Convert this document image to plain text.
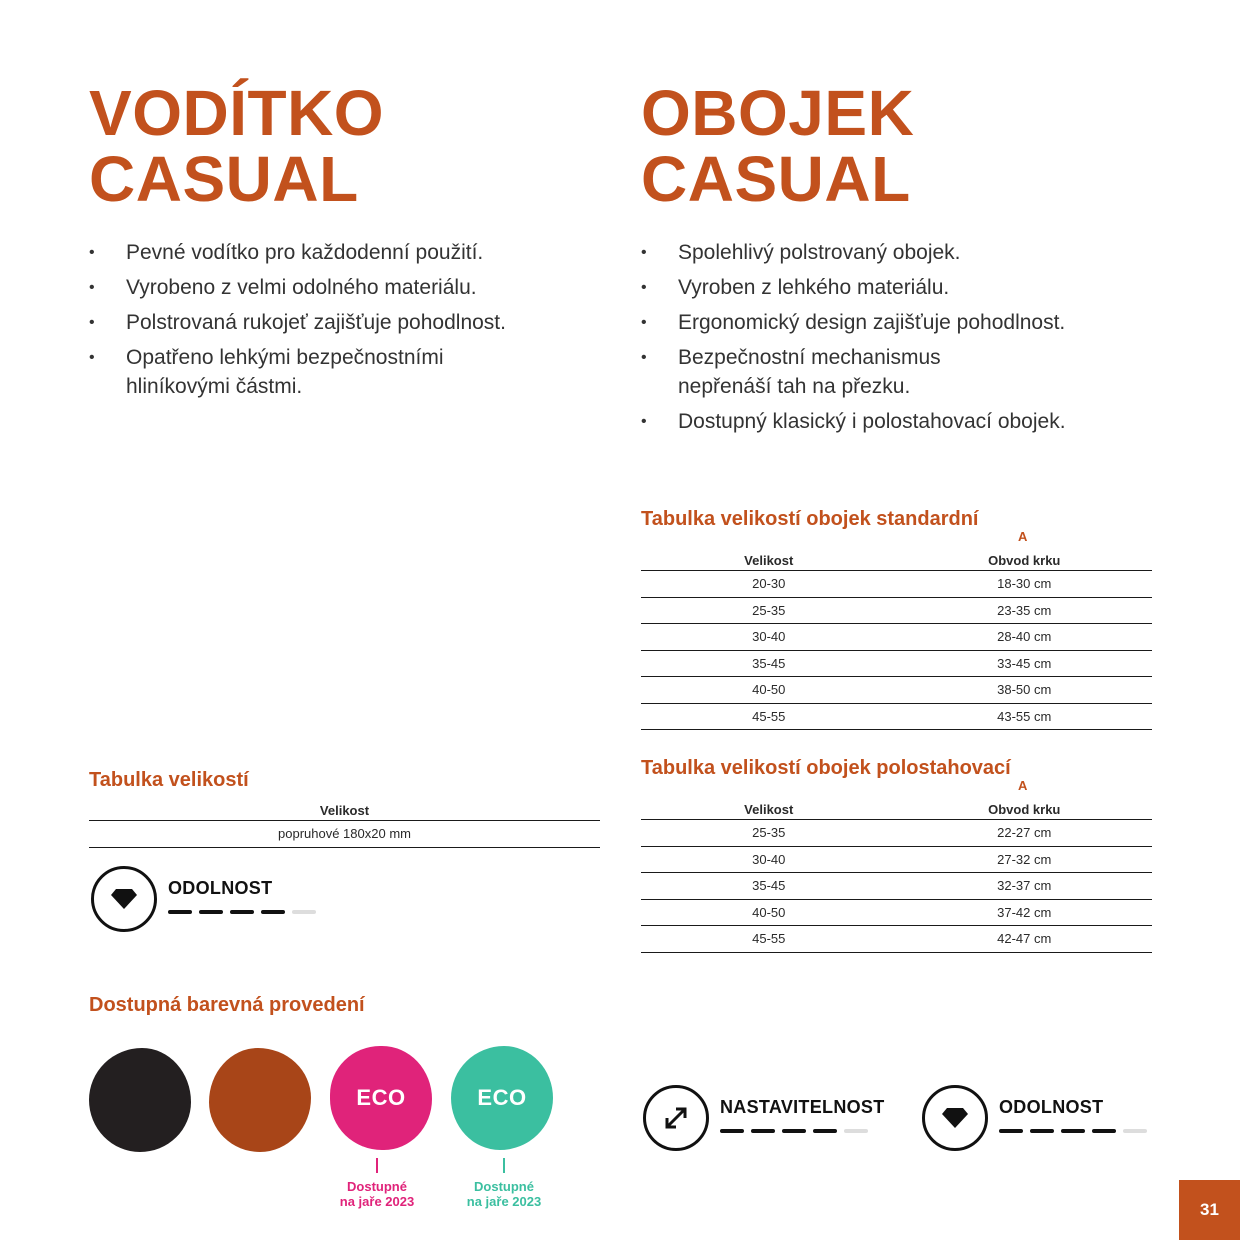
VODÍTKO
CASUAL
• Pevné vodítko pro každodenní použití.
• Vyrobeno z velmi odolného materiálu.
• Polstrovaná rukojeť zajišťuje pohodlnost.
• Opatřeno lehkými bezpečnostními hliníkovými částmi.
Tabulka velikostí
Velikost
popruhové 180x20 mm
ODOLNOST
Dostupná barevná provedení
ECO	ECO
Dostupné
na jaře 2023
Dostupné
na jaře 2023
OBOJEK
CASUAL
• Spolehlivý polstrovaný obojek.
• Vyroben z lehkého materiálu.
• Ergonomický design zajišťuje pohodlnost.
• Bezpečnostní mechanismus nepřenáší tah na přezku.
• Dostupný klasický i polostahovací obojek.
Tabulka velikostí obojek standardní
A
Velikost	Obvod krku
20-30	18-30 cm
25-35	23-35 cm
30-40	28-40 cm
35-45	33-45 cm
40-50	38-50 cm
45-55	43-55 cm
Tabulka velikostí obojek polostahovací
A
Velikost	Obvod krku
25-35	22-27 cm
30-40	27-32 cm
35-45	32-37 cm
40-50	37-42 cm
45-55	42-47 cm
NASTAVITELNOST	ODOLNOST
31
